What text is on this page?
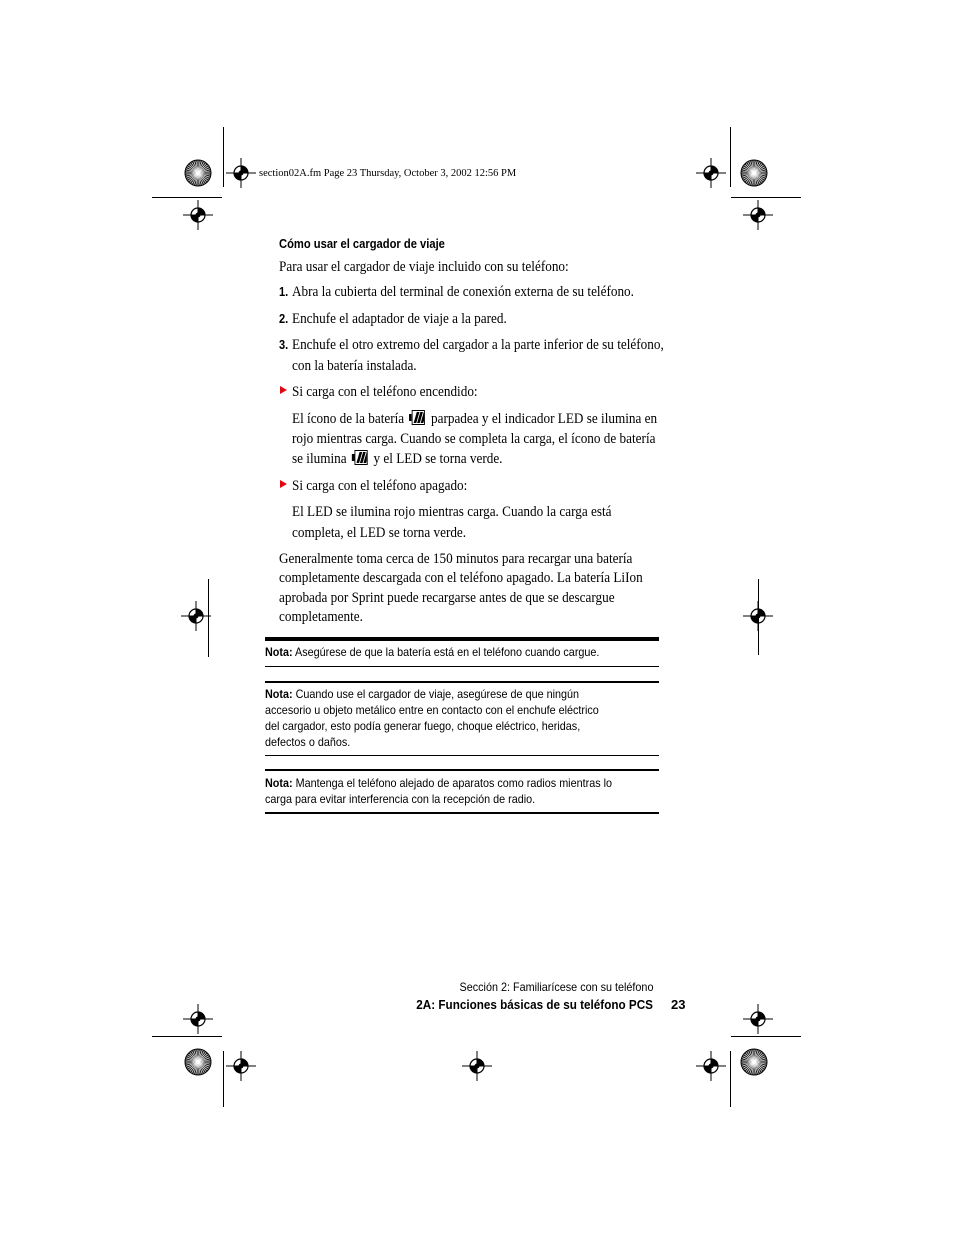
section02A.fm Page 23 Thursday, October 3, 2002 12:56 PM
Cómo usar el cargador de viaje
Para usar el cargador de viaje incluido con su teléfono:
1. Abra la cubierta del terminal de conexión externa de su teléfono.
2. Enchufe el adaptador de viaje a la pared.
3. Enchufe el otro extremo del cargador a la parte inferior de su teléfono,
con la batería instalada.
Si carga con el teléfono encendido:
El ícono de la batería parpadea y el indicador LED se ilumina en
rojo mientras carga. Cuando se completa la carga, el ícono de batería
se ilumina y el LED se torna verde.
Si carga con el teléfono apagado:
El LED se ilumina rojo mientras carga. Cuando la carga está
completa, el LED se torna verde.
Generalmente toma cerca de 150 minutos para recargar una batería
completamente descargada con el teléfono apagado. La batería LiIon
aprobada por Sprint puede recargarse antes de que se descargue
completamente.
Nota: Asegúrese de que la batería está en el teléfono cuando cargue.
Nota: Cuando use el cargador de viaje, asegúrese de que ningún
accesorio u objeto metálico entre en contacto con el enchufe eléctrico
del cargador, esto podía generar fuego, choque eléctrico, heridas,
defectos o daños.
Nota: Mantenga el teléfono alejado de aparatos como radios mientras lo
carga para evitar interferencia con la recepción de radio.
Sección 2: Familiarícese con su teléfono
2A: Funciones básicas de su teléfono PCS 23
